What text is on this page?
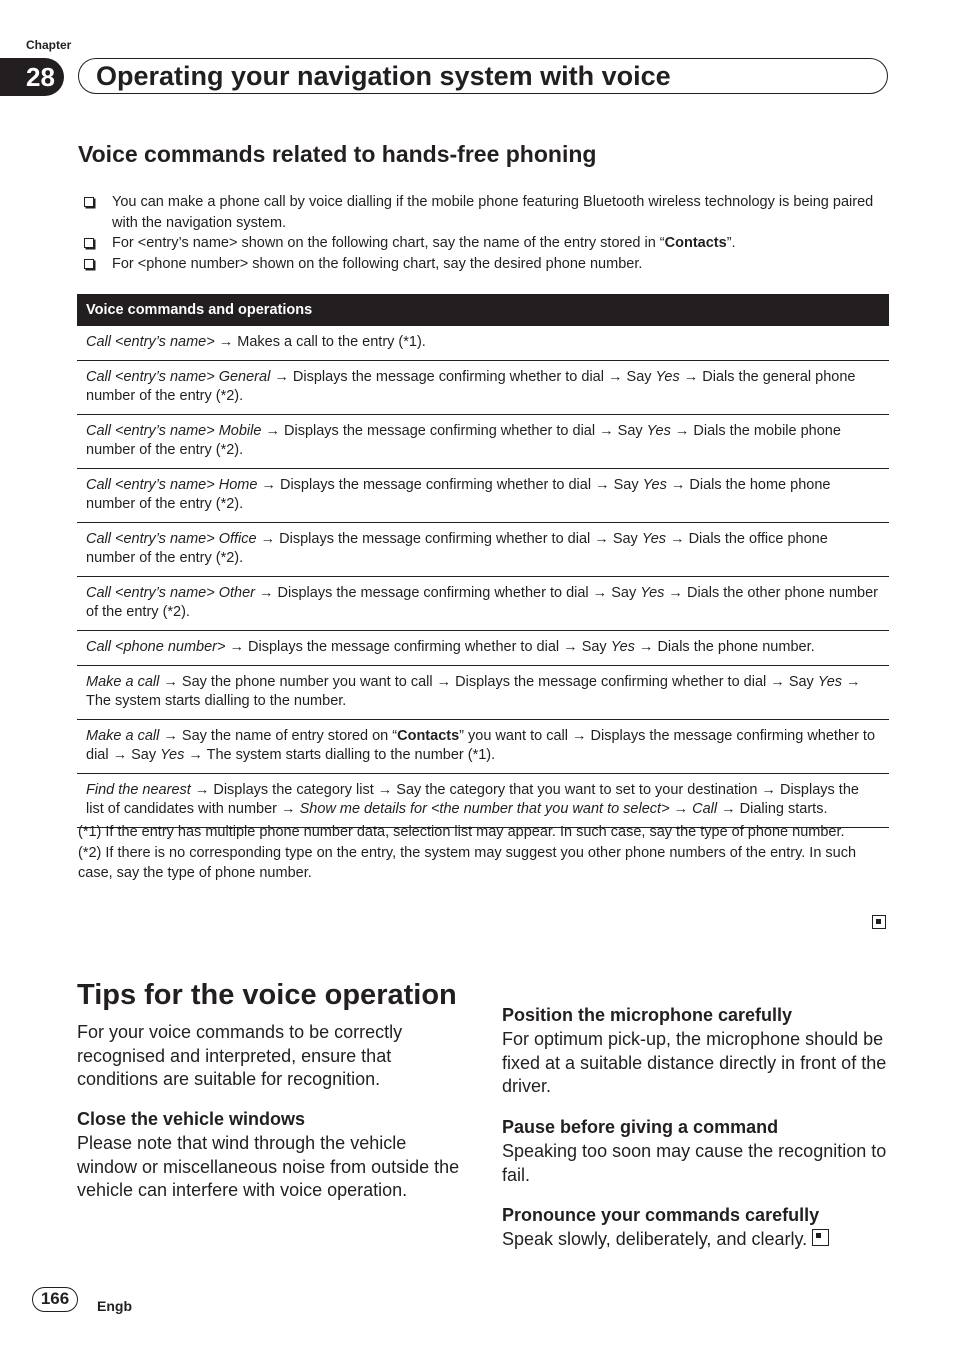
Chapter
28	Operating your navigation system with voice
Voice commands related to hands-free phoning
You can make a phone call by voice dialling if the mobile phone featuring Bluetooth wireless technology is being paired with the navigation system.
For <entry’s name> shown on the following chart, say the name of the entry stored in “Contacts”.
For <phone number> shown on the following chart, say the desired phone number.
Voice commands and operations
Call <entry’s name> → Makes a call to the entry (*1).
Call <entry’s name> General → Displays the message confirming whether to dial → Say Yes → Dials the general phone number of the entry (*2).
Call <entry’s name> Mobile → Displays the message confirming whether to dial → Say Yes → Dials the mobile phone number of the entry (*2).
Call <entry’s name> Home → Displays the message confirming whether to dial → Say Yes → Dials the home phone number of the entry (*2).
Call <entry’s name> Office → Displays the message confirming whether to dial → Say Yes → Dials the office phone number of the entry (*2).
Call <entry’s name> Other → Displays the message confirming whether to dial → Say Yes → Dials the other phone number of the entry (*2).
Call <phone number> → Displays the message confirming whether to dial → Say Yes → Dials the phone number.
Make a call → Say the phone number you want to call → Displays the message confirming whether to dial → Say Yes → The system starts dialling to the number.
Make a call → Say the name of entry stored on “Contacts” you want to call → Displays the message confirming whether to dial → Say Yes → The system starts dialling to the number (*1).
Find the nearest → Displays the category list → Say the category that you want to set to your destination → Displays the list of candidates with number → Show me details for <the number that you want to select> → Call → Dialing starts.
(*1) If the entry has multiple phone number data, selection list may appear. In such case, say the type of phone number.
(*2) If there is no corresponding type on the entry, the system may suggest you other phone numbers of the entry. In such case, say the type of phone number.
Tips for the voice operation
For your voice commands to be correctly recognised and interpreted, ensure that conditions are suitable for recognition.
Close the vehicle windows
Please note that wind through the vehicle window or miscellaneous noise from outside the vehicle can interfere with voice operation.
Position the microphone carefully
For optimum pick-up, the microphone should be fixed at a suitable distance directly in front of the driver.
Pause before giving a command
Speaking too soon may cause the recognition to fail.
Pronounce your commands carefully
Speak slowly, deliberately, and clearly.
166	Engb
